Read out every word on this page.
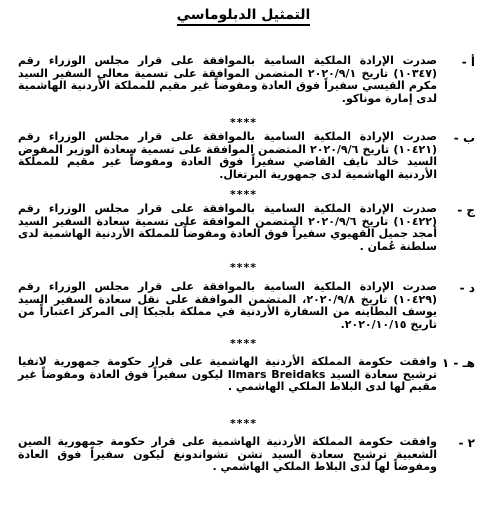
التمثيل الدبلوماسي
أ -
صدرت الإرادة الملكية السامية بالموافقة على قرار مجلس الوزراء رقم (١٠٣٤٧) تاريخ ٢٠٢٠/٩/١ المتضمن الموافقة على تسمية معالي السفير السيد مكرم القيسي سفيراً فوق العادة ومفوضاً غير مقيم للمملكة الأردنية الهاشمية لدى إمارة موناكو.
****
ب -
صدرت الإرادة الملكية السامية بالموافقة على قرار مجلس الوزراء رقم (١٠٤٢١) تاريخ ٢٠٢٠/٩/٦ المتضمن الموافقة على تسمية سعادة الوزير المفوض السيد خالد نايف القاضي سفيراً فوق العادة ومفوضاً غير مقيم للمملكة الأردنية الهاشمية لدى جمهورية البرتغال.
****
ج -
صدرت الإرادة الملكية السامية بالموافقة على قرار مجلس الوزراء رقم (١٠٤٢٢) تاريخ ٢٠٢٠/٩/٦ المتضمن الموافقة على تسمية سعادة السفير السيد أمجد جميل القهيوي سفيراً فوق العادة ومفوضاً للمملكة الأردنية الهاشمية لدى سلطنة عُمان .
****
د -
صدرت الإرادة الملكية السامية بالموافقة على قرار مجلس الوزراء رقم (١٠٤٢٩) تاريخ ٢٠٢٠/٩/٨، المتضمن الموافقة على نقل سعادة السفير السيد يوسف البطاينه من السفارة الأردنية في مملكة بلجيكا إلى المركز اعتباراً من تاريخ ٢٠٢٠/١٠/١٥.
****
هـ - ١
وافقت حكومة المملكة الأردنية الهاشمية على قرار حكومة جمهورية لاتفيا ترشيح سعادة السيد Ilmars Breidaks ليكون سفيراً فوق العادة ومفوضاً غير مقيم لها لدى البلاط الملكي الهاشمي .
****
٢ -
وافقت حكومة المملكة الأردنية الهاشمية على قرار حكومة جمهورية الصين الشعبية ترشيح سعادة السيد تشن تشواندونغ ليكون سفيراً فوق العادة ومفوضاً لها لدى البلاط الملكي الهاشمي .
